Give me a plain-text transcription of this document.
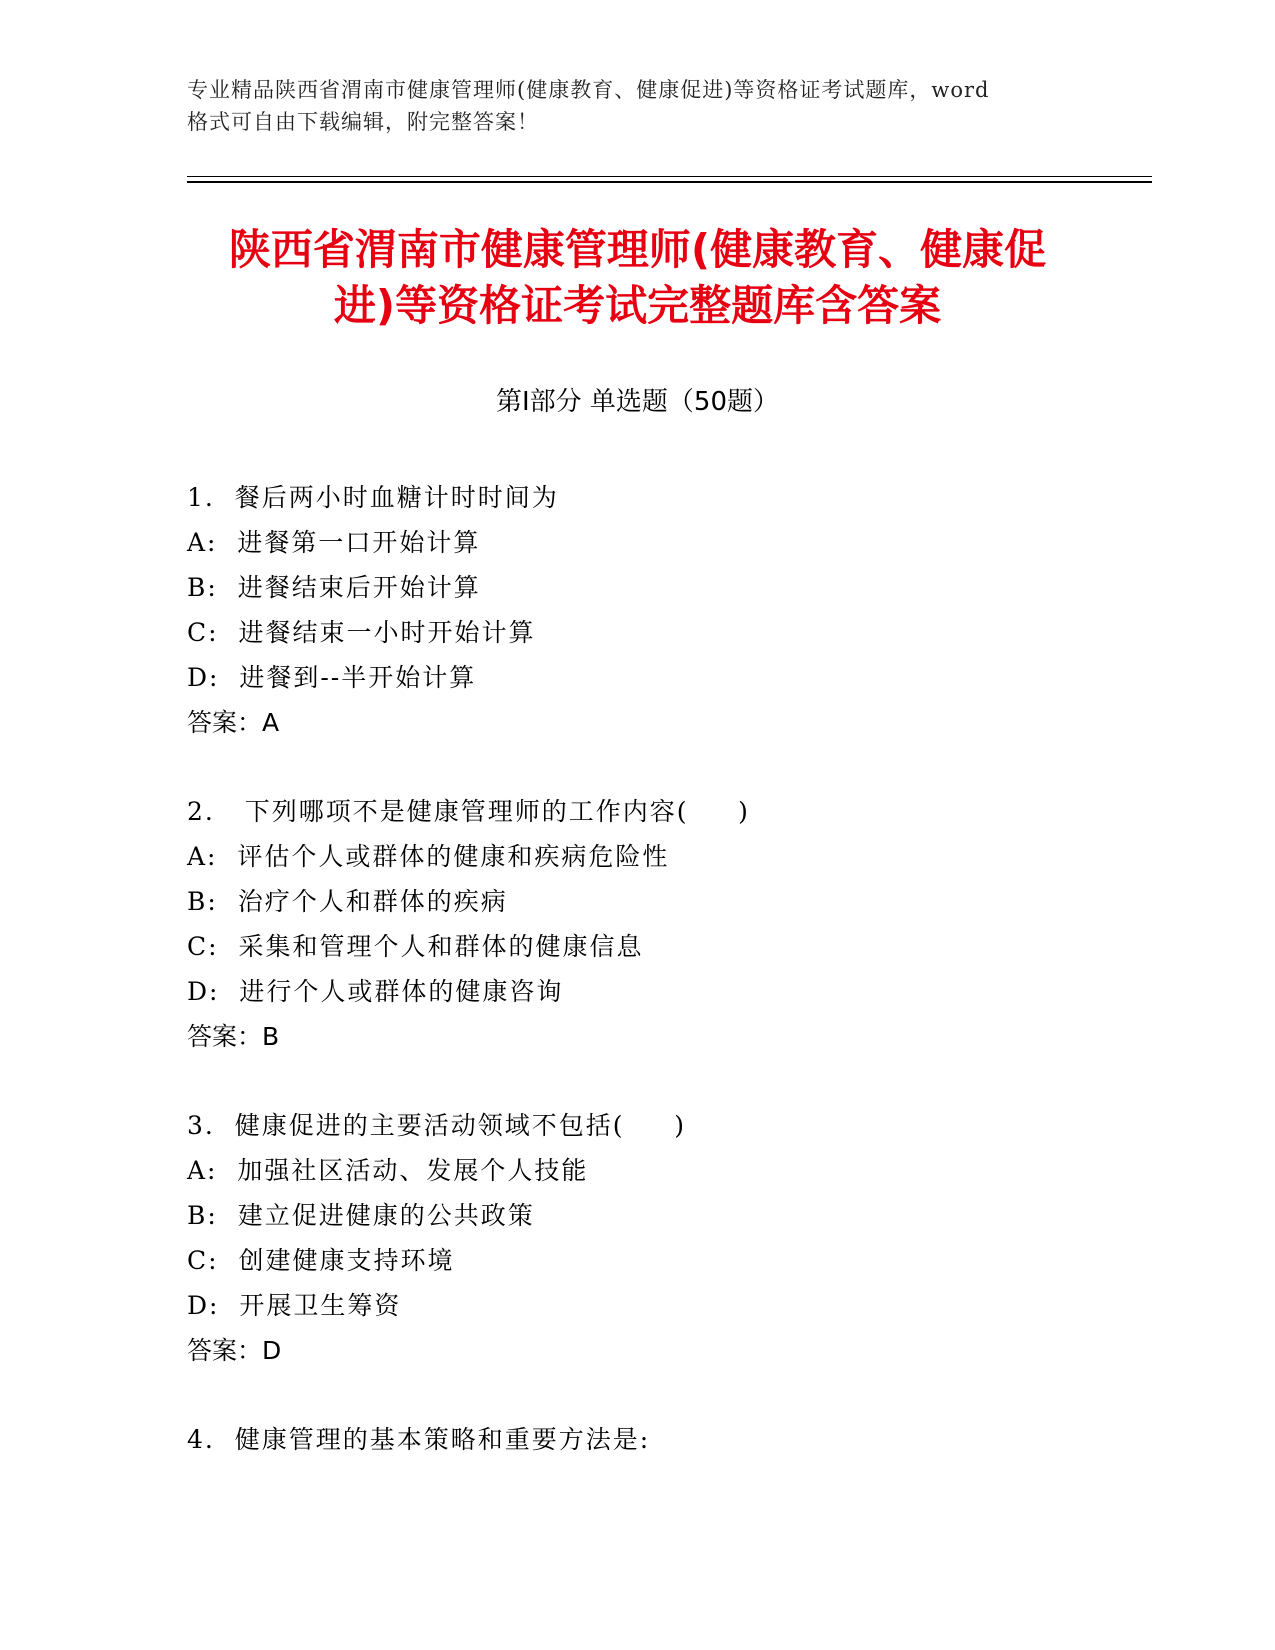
专业精品陕西省渭南市健康管理师(健康教育、健康促进)等资格证考试题库，word
格式可自由下载编辑，附完整答案！
陕西省渭南市健康管理师(健康教育、健康促
进)等资格证考试完整题库含答案
第Ⅰ部分 单选题（50题）
1.  餐后两小时血糖计时时间为
A:  进餐第一口开始计算
B:  进餐结束后开始计算
C:  进餐结束一小时开始计算
D:  进餐到--半开始计算
答案：A
2.   下列哪项不是健康管理师的工作内容(     )
A:  评估个人或群体的健康和疾病危险性
B:  治疗个人和群体的疾病
C:  采集和管理个人和群体的健康信息
D:  进行个人或群体的健康咨询
答案：B
3.  健康促进的主要活动领域不包括(     )
A:  加强社区活动、发展个人技能
B:  建立促进健康的公共政策
C:  创建健康支持环境
D:  开展卫生筹资
答案：D
4.  健康管理的基本策略和重要方法是:
